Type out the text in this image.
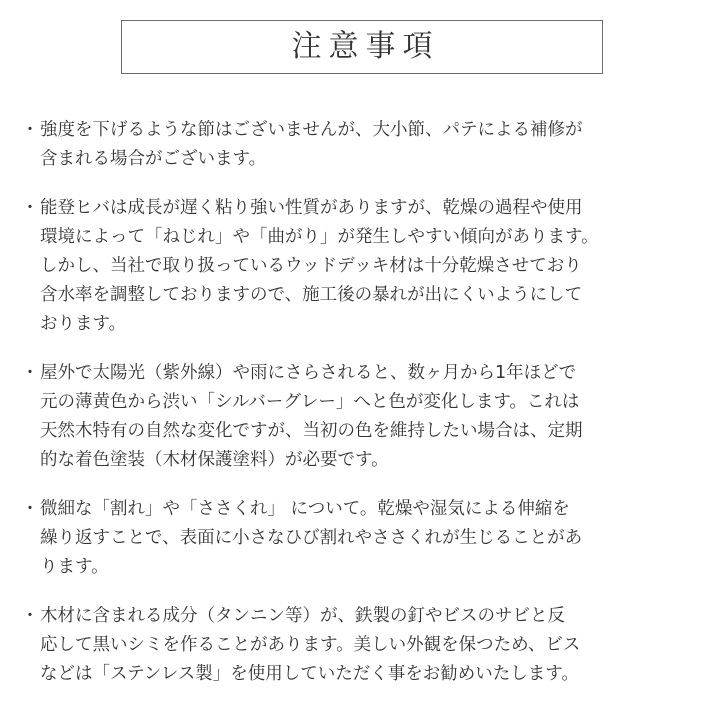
注意事項
・ 強度を下げるような節はございませんが、大小節、パテによる補修が
含まれる場合がございます。
・ 能登ヒバは成長が遅く粘り強い性質がありますが、乾燥の過程や使用
環境によって「ねじれ」や「曲がり」が発生しやすい傾向があります。
しかし、当社で取り扱っているウッドデッキ材は十分乾燥させており
含水率を調整しておりますので、施工後の暴れが出にくいようにして
おります。
・ 屋外で太陽光（紫外線）や雨にさらされると、数ヶ月から1年ほどで
元の薄黄色から渋い「シルバーグレー」へと色が変化します。これは
天然木特有の自然な変化ですが、当初の色を維持したい場合は、定期
的な着色塗装（木材保護塗料）が必要です。
・ 微細な「割れ」や「ささくれ」 について。乾燥や湿気による伸縮を
繰り返すことで、表面に小さなひび割れやささくれが生じることがあ
ります。
・ 木材に含まれる成分（タンニン等）が、鉄製の釘やビスのサビと反
応して黒いシミを作ることがあります。美しい外観を保つため、ビス
などは「ステンレス製」を使用していただく事をお勧めいたします。
